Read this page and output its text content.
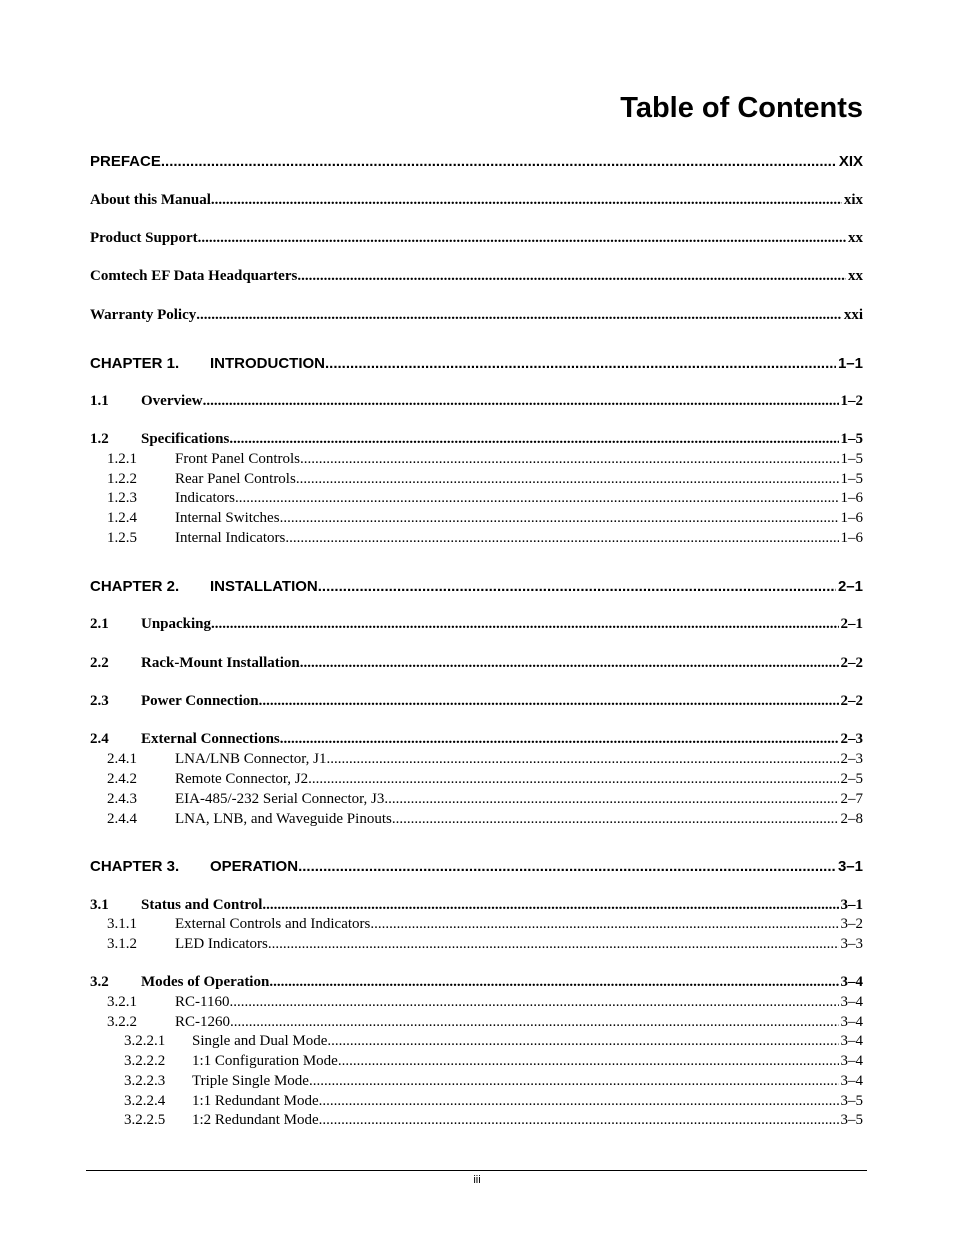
Table of Contents
PREFACE .....	XIX
About this Manual .....	xix
Product Support .....	xx
Comtech EF Data Headquarters .....	xx
Warranty Policy .....	xxi
CHAPTER 1.	INTRODUCTION .....	1–1
1.1	Overview .....	1–2
1.2	Specifications .....	1–5
1.2.1	Front Panel Controls .....	1–5
1.2.2	Rear Panel Controls .....	1–5
1.2.3	Indicators .....	1–6
1.2.4	Internal Switches .....	1–6
1.2.5	Internal Indicators .....	1–6
CHAPTER 2.	INSTALLATION .....	2–1
2.1	Unpacking .....	2–1
2.2	Rack-Mount Installation .....	2–2
2.3	Power Connection .....	2–2
2.4	External Connections .....	2–3
2.4.1	LNA/LNB Connector, J1 .....	2–3
2.4.2	Remote Connector, J2 .....	2–5
2.4.3	EIA-485/-232 Serial Connector, J3 .....	2–7
2.4.4	LNA, LNB, and Waveguide Pinouts .....	2–8
CHAPTER 3.	OPERATION .....	3–1
3.1	Status and Control .....	3–1
3.1.1	External Controls and Indicators .....	3–2
3.1.2	LED Indicators .....	3–3
3.2	Modes of Operation .....	3–4
3.2.1	RC-1160 .....	3–4
3.2.2	RC-1260 .....	3–4
3.2.2.1	Single and Dual Mode .....	3–4
3.2.2.2	1:1 Configuration Mode .....	3–4
3.2.2.3	Triple Single Mode .....	3–4
3.2.2.4	1:1 Redundant Mode .....	3–5
3.2.2.5	1:2 Redundant Mode .....	3–5
iii
